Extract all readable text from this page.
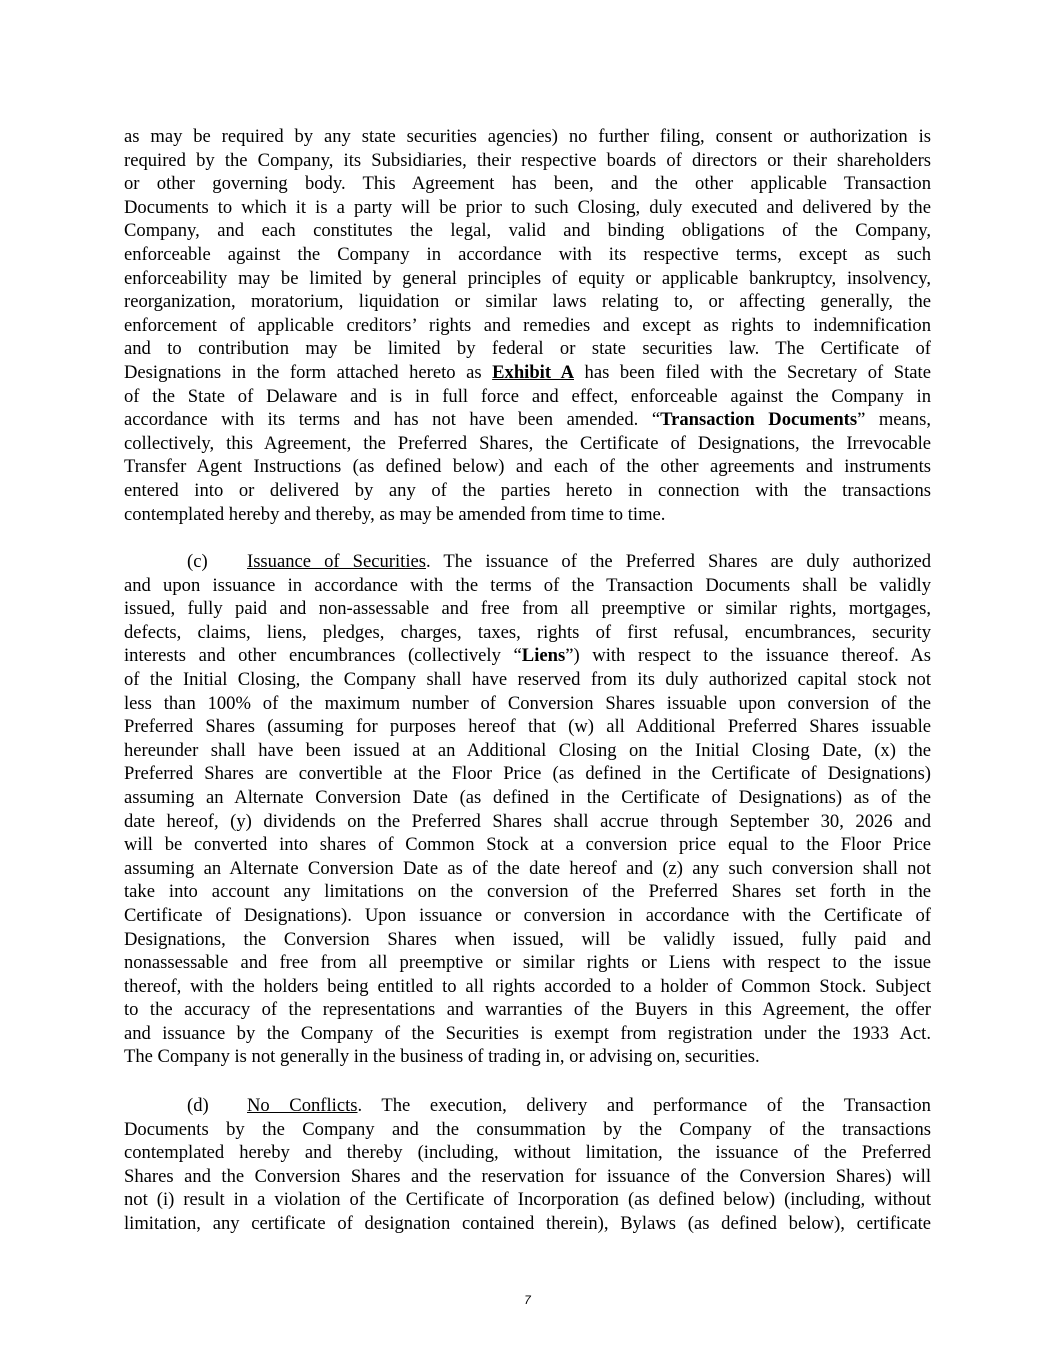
as may be required by any state securities agencies) no further filing, consent or authorization is
required by the Company, its Subsidiaries, their respective boards of directors or their shareholders
or other governing body. This Agreement has been, and the other applicable Transaction
Documents to which it is a party will be prior to such Closing, duly executed and delivered by the
Company, and each constitutes the legal, valid and binding obligations of the Company,
enforceable against the Company in accordance with its respective terms, except as such
enforceability may be limited by general principles of equity or applicable bankruptcy, insolvency,
reorganization, moratorium, liquidation or similar laws relating to, or affecting generally, the
enforcement of applicable creditors’ rights and remedies and except as rights to indemnification
and to contribution may be limited by federal or state securities law. The Certificate of
Designations in the form attached hereto as Exhibit A has been filed with the Secretary of State
of the State of Delaware and is in full force and effect, enforceable against the Company in
accordance with its terms and has not have been amended. “Transaction Documents” means,
collectively, this Agreement, the Preferred Shares, the Certificate of Designations, the Irrevocable
Transfer Agent Instructions (as defined below) and each of the other agreements and instruments
entered into or delivered by any of the parties hereto in connection with the transactions
contemplated hereby and thereby, as may be amended from time to time.
(c) Issuance of Securities. The issuance of the Preferred Shares are duly authorized
and upon issuance in accordance with the terms of the Transaction Documents shall be validly
issued, fully paid and non-assessable and free from all preemptive or similar rights, mortgages,
defects, claims, liens, pledges, charges, taxes, rights of first refusal, encumbrances, security
interests and other encumbrances (collectively “Liens”) with respect to the issuance thereof. As
of the Initial Closing, the Company shall have reserved from its duly authorized capital stock not
less than 100% of the maximum number of Conversion Shares issuable upon conversion of the
Preferred Shares (assuming for purposes hereof that (w) all Additional Preferred Shares issuable
hereunder shall have been issued at an Additional Closing on the Initial Closing Date, (x) the
Preferred Shares are convertible at the Floor Price (as defined in the Certificate of Designations)
assuming an Alternate Conversion Date (as defined in the Certificate of Designations) as of the
date hereof, (y) dividends on the Preferred Shares shall accrue through September 30, 2026 and
will be converted into shares of Common Stock at a conversion price equal to the Floor Price
assuming an Alternate Conversion Date as of the date hereof and (z) any such conversion shall not
take into account any limitations on the conversion of the Preferred Shares set forth in the
Certificate of Designations). Upon issuance or conversion in accordance with the Certificate of
Designations, the Conversion Shares when issued, will be validly issued, fully paid and
nonassessable and free from all preemptive or similar rights or Liens with respect to the issue
thereof, with the holders being entitled to all rights accorded to a holder of Common Stock. Subject
to the accuracy of the representations and warranties of the Buyers in this Agreement, the offer
and issuance by the Company of the Securities is exempt from registration under the 1933 Act.
The Company is not generally in the business of trading in, or advising on, securities.
(d) No Conflicts. The execution, delivery and performance of the Transaction
Documents by the Company and the consummation by the Company of the transactions
contemplated hereby and thereby (including, without limitation, the issuance of the Preferred
Shares and the Conversion Shares and the reservation for issuance of the Conversion Shares) will
not (i) result in a violation of the Certificate of Incorporation (as defined below) (including, without
limitation, any certificate of designation contained therein), Bylaws (as defined below), certificate
7
